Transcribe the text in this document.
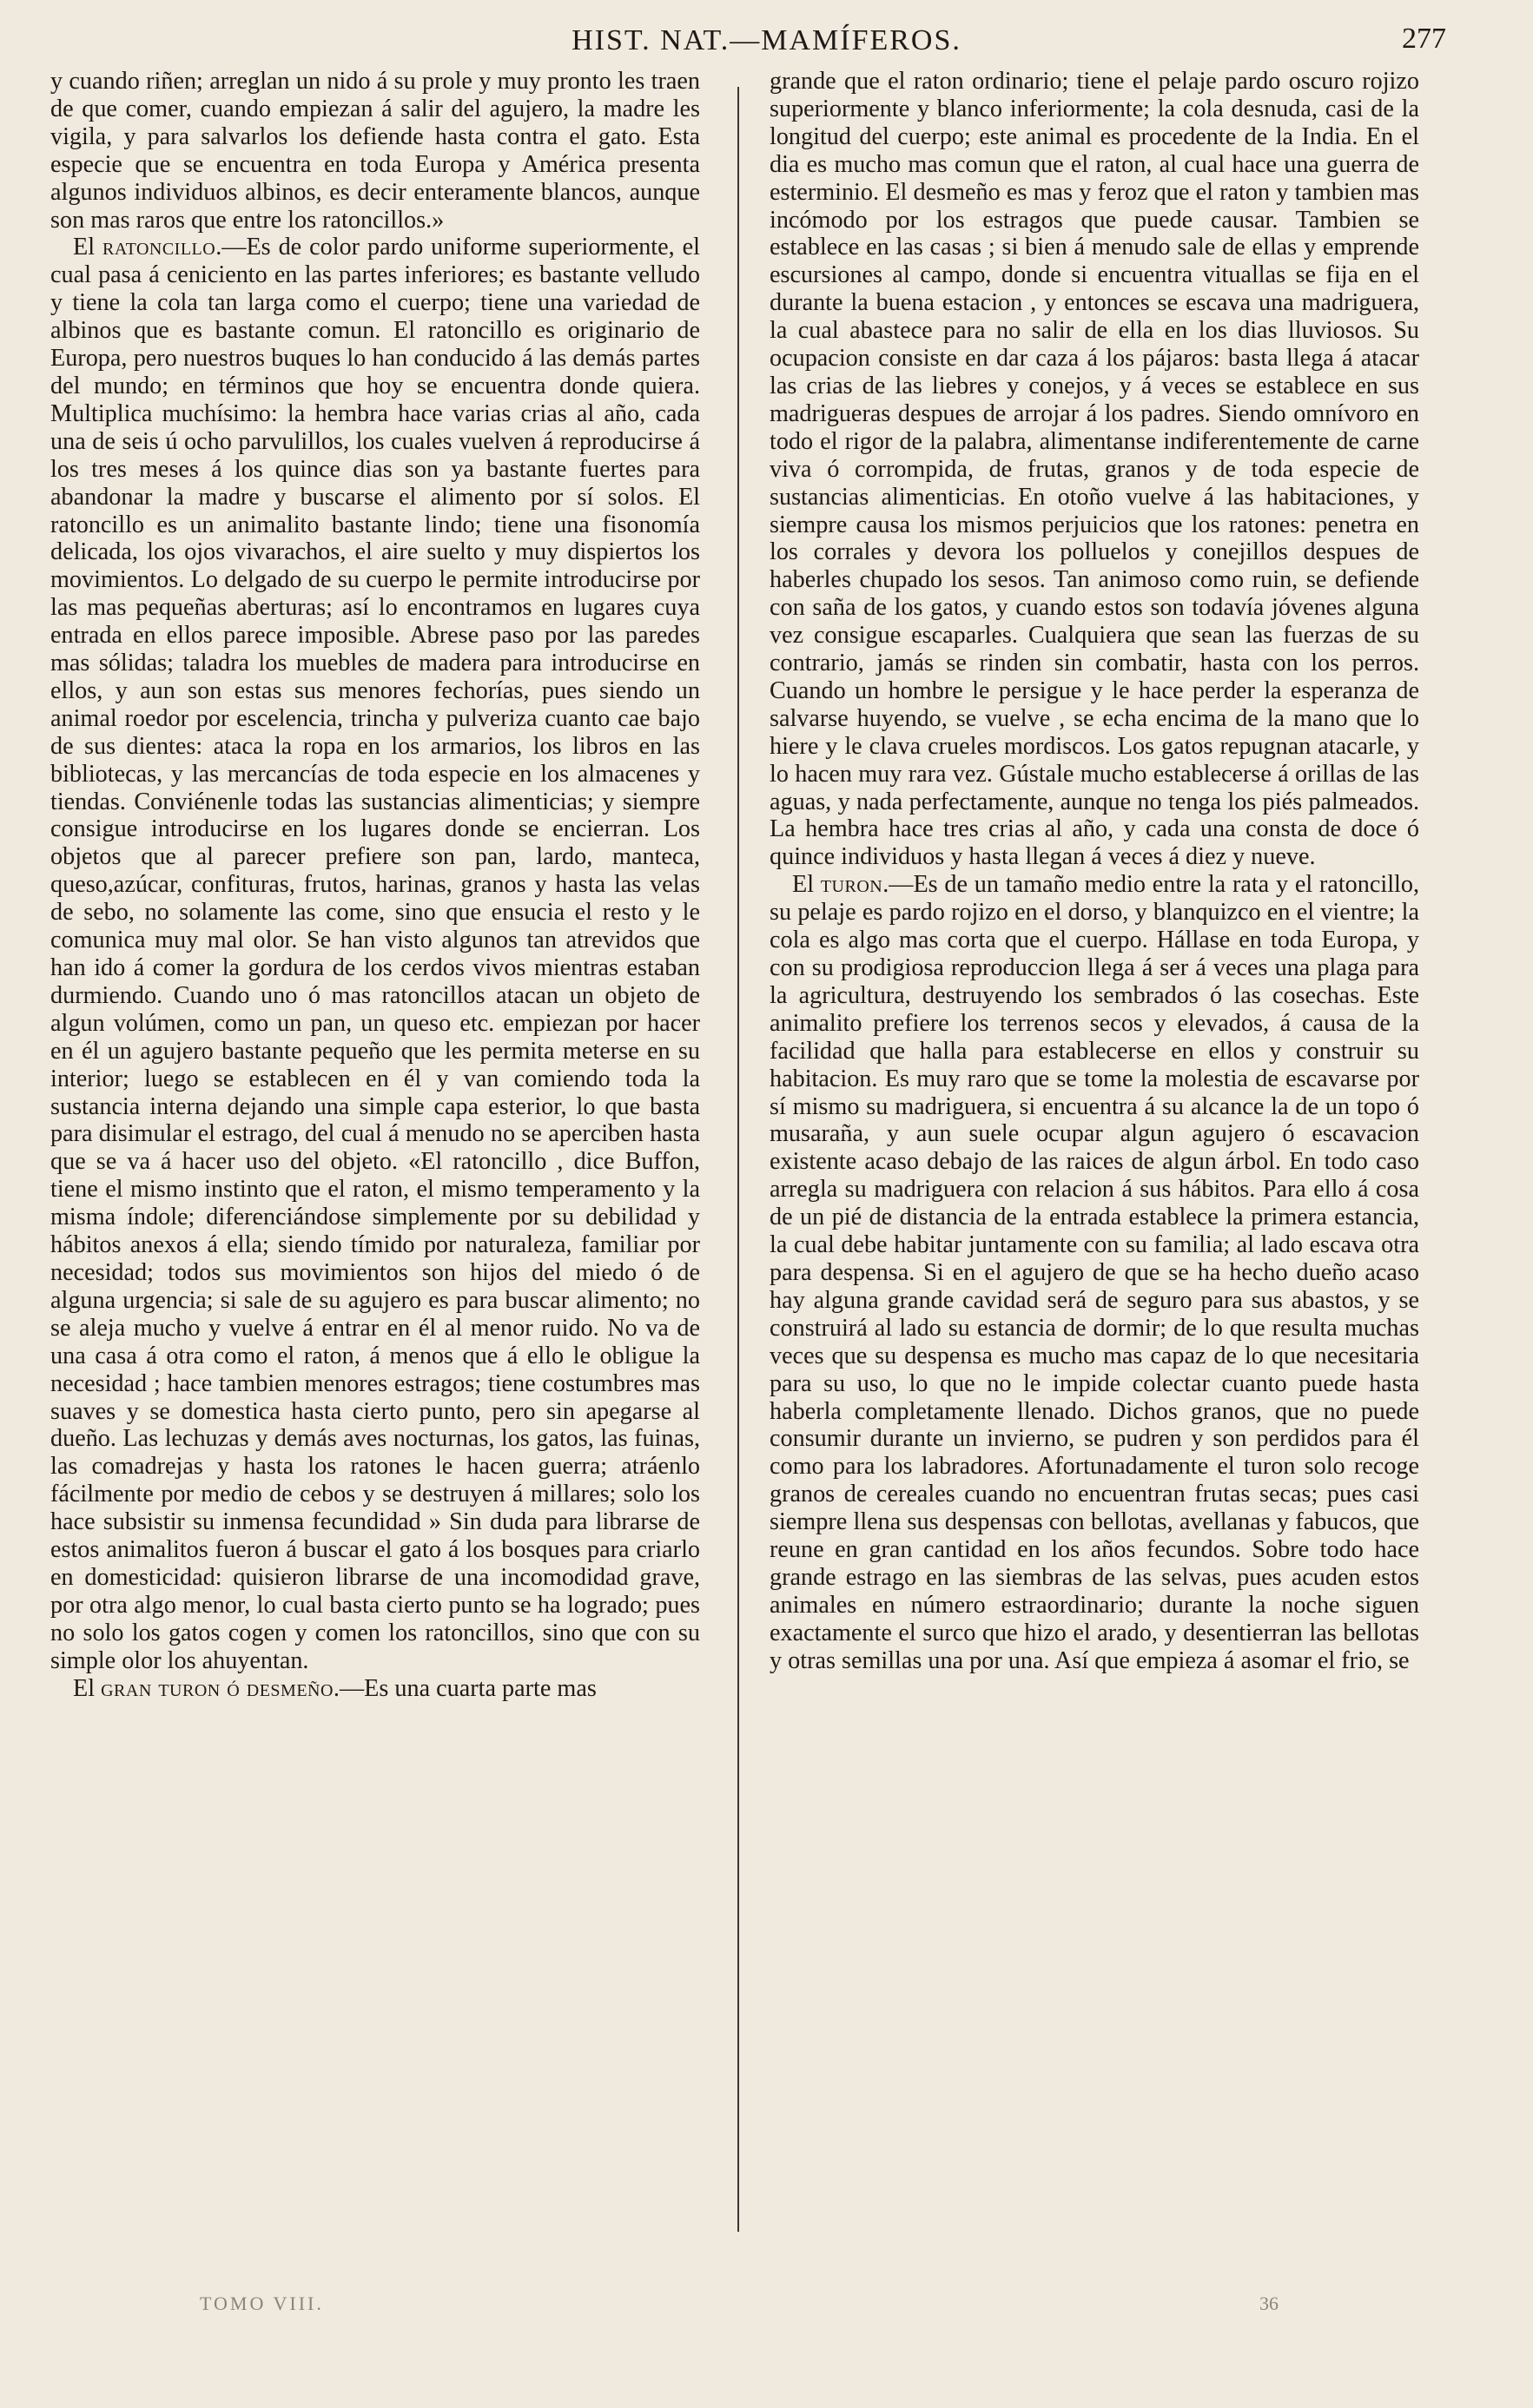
HIST. NAT.—MAMÍFEROS.	277

y cuando riñen; arreglan un nido á su prole y muy pronto les traen de que comer, cuando empiezan á salir del agujero, la madre les vigila, y para salvarlos los defiende hasta contra el gato. Esta especie que se encuentra en toda Europa y América presenta algunos individuos albinos, es decir enteramente blancos, aunque son mas raros que entre los ratoncillos.»

El ratoncillo.—Es de color pardo uniforme superiormente, el cual pasa á ceniciento en las partes inferiores; es bastante velludo y tiene la cola tan larga como el cuerpo; tiene una variedad de albinos que es bastante comun. El ratoncillo es originario de Europa, pero nuestros buques lo han conducido á las demás partes del mundo; en términos que hoy se encuentra donde quiera. Multiplica muchísimo: la hembra hace varias crias al año, cada una de seis ú ocho parvulillos, los cuales vuelven á reproducirse á los tres meses á los quince dias son ya bastante fuertes para abandonar la madre y buscarse el alimento por sí solos. El ratoncillo es un animalito bastante lindo; tiene una fisonomía delicada, los ojos vivarachos, el aire suelto y muy dispiertos los movimientos. Lo delgado de su cuerpo le permite introducirse por las mas pequeñas aberturas; así lo encontramos en lugares cuya entrada en ellos parece imposible. Abrese paso por las paredes mas sólidas; taladra los muebles de madera para introducirse en ellos, y aun son estas sus menores fechorías, pues siendo un animal roedor por escelencia, trincha y pulveriza cuanto cae bajo de sus dientes: ataca la ropa en los armarios, los libros en las bibliotecas, y las mercancías de toda especie en los almacenes y tiendas. Conviénenle todas las sustancias alimenticias; y siempre consigue introducirse en los lugares donde se encierran. Los objetos que al parecer prefiere son pan, lardo, manteca, queso,azúcar, confituras, frutos, harinas, granos y hasta las velas de sebo, no solamente las come, sino que ensucia el resto y le comunica muy mal olor. Se han visto algunos tan atrevidos que han ido á comer la gordura de los cerdos vivos mientras estaban durmiendo. Cuando uno ó mas ratoncillos atacan un objeto de algun volúmen, como un pan, un queso etc. empiezan por hacer en él un agujero bastante pequeño que les permita meterse en su interior; luego se establecen en él y van comiendo toda la sustancia interna dejando una simple capa esterior, lo que basta para disimular el estrago, del cual á menudo no se aperciben hasta que se va á hacer uso del objeto. «El ratoncillo , dice Buffon, tiene el mismo instinto que el raton, el mismo temperamento y la misma índole; diferenciándose simplemente por su debilidad y hábitos anexos á ella; siendo tímido por naturaleza, familiar por necesidad; todos sus movimientos son hijos del miedo ó de alguna urgencia; si sale de su agujero es para buscar alimento; no se aleja mucho y vuelve á entrar en él al menor ruido. No va de una casa á otra como el raton, á menos que á ello le obligue la necesidad ; hace tambien menores estragos; tiene costumbres mas suaves y se domestica hasta cierto punto, pero sin apegarse al dueño. Las lechuzas y demás aves nocturnas, los gatos, las fuinas, las comadrejas y hasta los ratones le hacen guerra; atráenlo fácilmente por medio de cebos y se destruyen á millares; solo los hace subsistir su inmensa fecundidad » Sin duda para librarse de estos animalitos fueron á buscar el gato á los bosques para criarlo en domesticidad: quisieron librarse de una incomodidad grave, por otra algo menor, lo cual basta cierto punto se ha logrado; pues no solo los gatos cogen y comen los ratoncillos, sino que con su simple olor los ahuyentan.

El gran turon ó desmeño.—Es una cuarta parte mas

grande que el raton ordinario; tiene el pelaje pardo oscuro rojizo superiormente y blanco inferiormente; la cola desnuda, casi de la longitud del cuerpo; este animal es procedente de la India. En el dia es mucho mas comun que el raton, al cual hace una guerra de esterminio. El desmeño es mas y feroz que el raton y tambien mas incómodo por los estragos que puede causar. Tambien se establece en las casas ; si bien á menudo sale de ellas y emprende escursiones al campo, donde si encuentra vituallas se fija en el durante la buena estacion , y entonces se escava una madriguera, la cual abastece para no salir de ella en los dias lluviosos. Su ocupacion consiste en dar caza á los pájaros: basta llega á atacar las crias de las liebres y conejos, y á veces se establece en sus madrigueras despues de arrojar á los padres. Siendo omnívoro en todo el rigor de la palabra, alimentanse indiferentemente de carne viva ó corrompida, de frutas, granos y de toda especie de sustancias alimenticias. En otoño vuelve á las habitaciones, y siempre causa los mismos perjuicios que los ratones: penetra en los corrales y devora los polluelos y conejillos despues de haberles chupado los sesos. Tan animoso como ruin, se defiende con saña de los gatos, y cuando estos son todavía jóvenes alguna vez consigue escaparles. Cualquiera que sean las fuerzas de su contrario, jamás se rinden sin combatir, hasta con los perros. Cuando un hombre le persigue y le hace perder la esperanza de salvarse huyendo, se vuelve , se echa encima de la mano que lo hiere y le clava crueles mordiscos. Los gatos repugnan atacarle, y lo hacen muy rara vez. Gústale mucho establecerse á orillas de las aguas, y nada perfectamente, aunque no tenga los piés palmeados. La hembra hace tres crias al año, y cada una consta de doce ó quince individuos y hasta llegan á veces á diez y nueve.

El turon.—Es de un tamaño medio entre la rata y el ratoncillo, su pelaje es pardo rojizo en el dorso, y blanquizco en el vientre; la cola es algo mas corta que el cuerpo. Hállase en toda Europa, y con su prodigiosa reproduccion llega á ser á veces una plaga para la agricultura, destruyendo los sembrados ó las cosechas. Este animalito prefiere los terrenos secos y elevados, á causa de la facilidad que halla para establecerse en ellos y construir su habitacion. Es muy raro que se tome la molestia de escavarse por sí mismo su madriguera, si encuentra á su alcance la de un topo ó musaraña, y aun suele ocupar algun agujero ó escavacion existente acaso debajo de las raices de algun árbol. En todo caso arregla su madriguera con relacion á sus hábitos. Para ello á cosa de un pié de distancia de la entrada establece la primera estancia, la cual debe habitar juntamente con su familia; al lado escava otra para despensa. Si en el agujero de que se ha hecho dueño acaso hay alguna grande cavidad será de seguro para sus abastos, y se construirá al lado su estancia de dormir; de lo que resulta muchas veces que su despensa es mucho mas capaz de lo que necesitaria para su uso, lo que no le impide colectar cuanto puede hasta haberla completamente llenado. Dichos granos, que no puede consumir durante un invierno, se pudren y son perdidos para él como para los labradores. Afortunadamente el turon solo recoge granos de cereales cuando no encuentran frutas secas; pues casi siempre llena sus despensas con bellotas, avellanas y fabucos, que reune en gran cantidad en los años fecundos. Sobre todo hace grande estrago en las siembras de las selvas, pues acuden estos animales en número estraordinario; durante la noche siguen exactamente el surco que hizo el arado, y desentierran las bellotas y otras semillas una por una. Así que empieza á asomar el frio, se

TOMO VIII.	36
